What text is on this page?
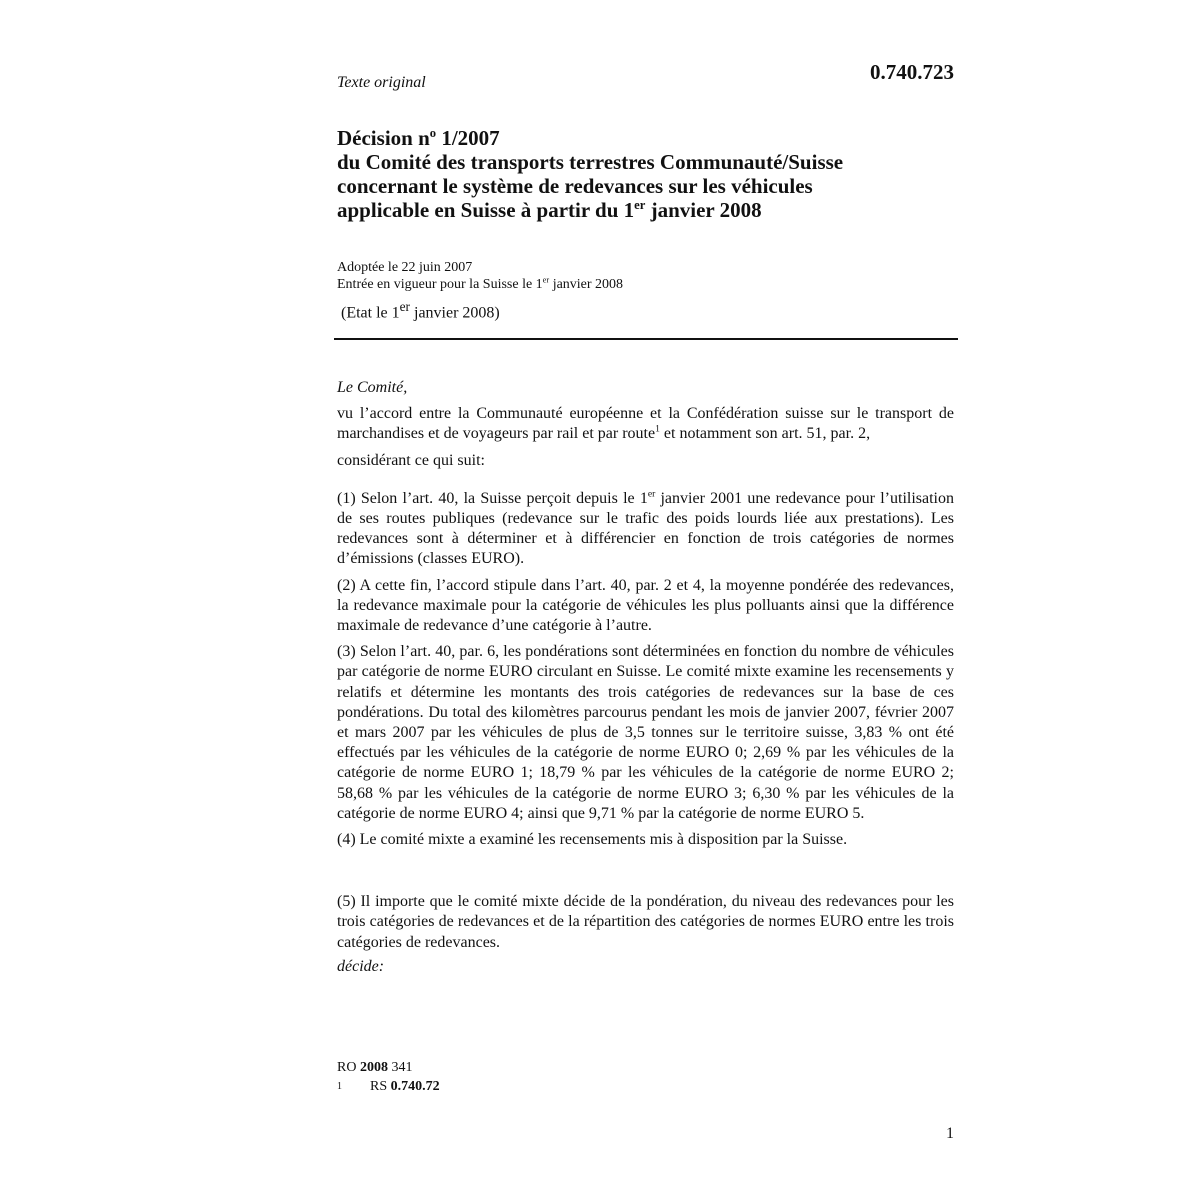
Texte original	0.740.723
Décision $n^o$ 1/2007
du Comité des transports terrestres Communauté/Suisse
concernant le système de redevances sur les véhicules
applicable en Suisse à partir du 1er janvier 2008
Adoptée le 22 juin 2007
Entrée en vigueur pour la Suisse le 1er janvier 2008
(Etat le 1er janvier 2008)

Le Comité,

vu l’accord entre la Communauté européenne et la Confédération suisse sur le transport de marchandises et de voyageurs par rail et par route$^1$ et notamment son art. 51, par. 2,

considérant ce qui suit:

(1) Selon l’art. 40, la Suisse perçoit depuis le 1er janvier 2001 une redevance pour l’utilisation de ses routes publiques (redevance sur le trafic des poids lourds liée aux prestations). Les redevances sont à déterminer et à différencier en fonction de trois catégories de normes d’émissions (classes EURO).

(2) A cette fin, l’accord stipule dans l’art. 40, par. 2 et 4, la moyenne pondérée des redevances, la redevance maximale pour la catégorie de véhicules les plus polluants ainsi que la différence maximale de redevance d’une catégorie à l’autre.

(3) Selon l’art. 40, par. 6, les pondérations sont déterminées en fonction du nombre de véhicules par catégorie de norme EURO circulant en Suisse. Le comité mixte examine les recensements y relatifs et détermine les montants des trois catégories de redevances sur la base de ces pondérations. Du total des kilomètres parcourus pendant les mois de janvier 2007, février 2007 et mars 2007 par les véhicules de plus de 3,5 tonnes sur le territoire suisse, 3,83 % ont été effectués par les véhicules de la catégorie de norme EURO 0; 2,69 % par les véhicules de la catégorie de norme EURO 1; 18,79 % par les véhicules de la catégorie de norme EURO 2; 58,68 % par les véhicules de la catégorie de norme EURO 3; 6,30 % par les véhicules de la catégorie de norme EURO 4; ainsi que 9,71 % par la catégorie de norme EURO 5.

(4) Le comité mixte a examiné les recensements mis à disposition par la Suisse.

(5) Il importe que le comité mixte décide de la pondération, du niveau des redevances pour les trois catégories de redevances et de la répartition des catégories de normes EURO entre les trois catégories de redevances.

décide:

RO 2008 341
1 RS 0.740.72
1
